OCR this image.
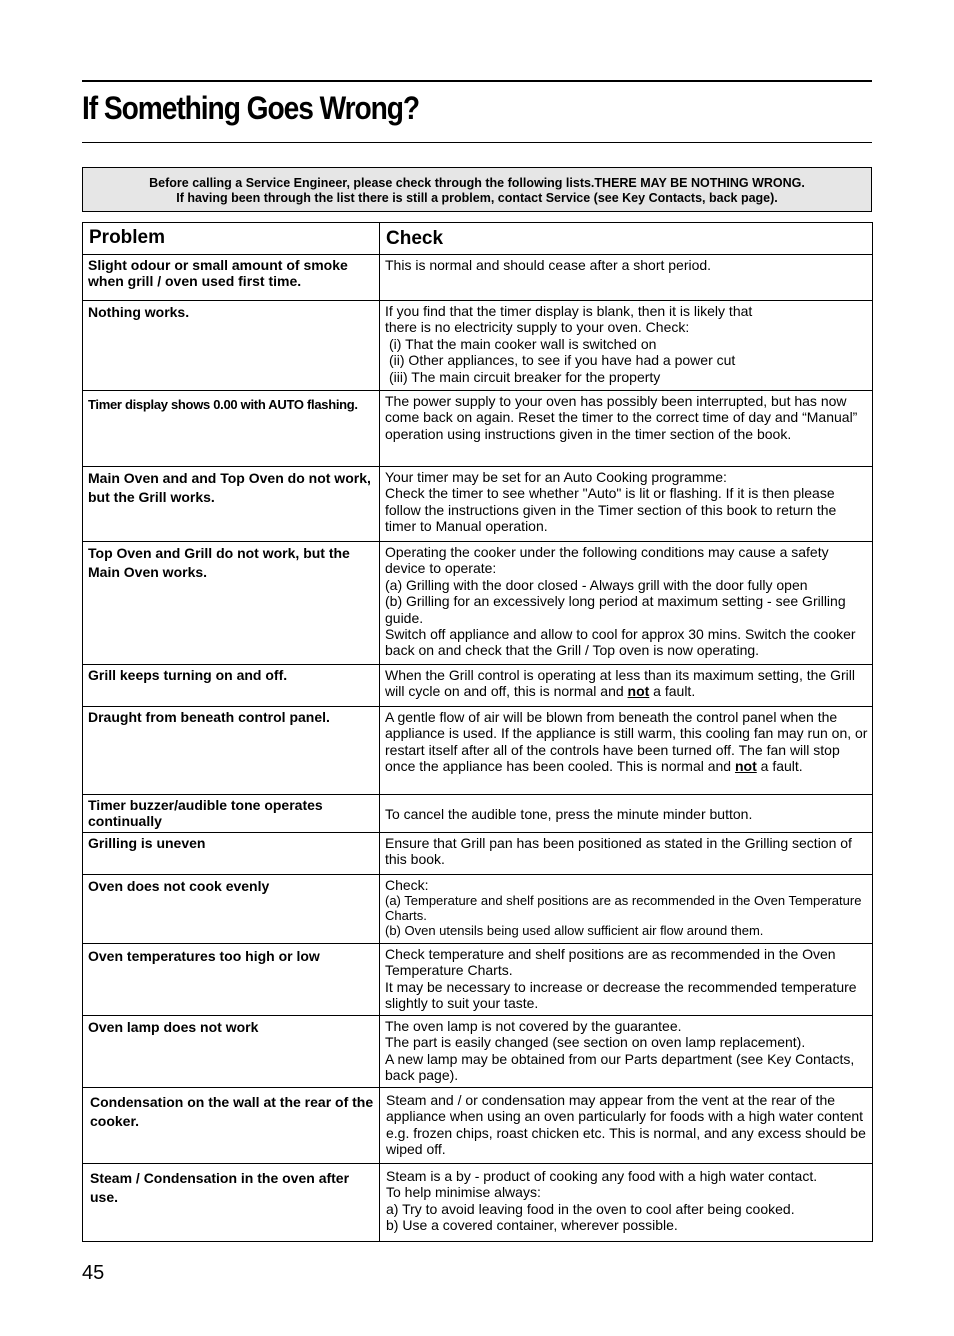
If Something Goes Wrong?
Before calling a Service Engineer, please check through the following lists.THERE MAY BE NOTHING WRONG.
If having been through the list there is still a problem, contact Service (see Key Contacts, back page).
Problem	Check
Slight odour or small amount of smoke when grill / oven used first time.	This is normal and should cease after a short period.

Nothing works.	If you find that the timer display is blank, then it is likely that
there is no electricity supply to your oven. Check:
(i) That the main cooker wall is switched on
(ii) Other appliances, to see if you have had a power cut
(iii) The main circuit breaker for the property

Timer display shows 0.00 with AUTO flashing.	The power supply to your oven has possibly been interrupted, but has now come back on again. Reset the timer to the correct time of day and “Manual” operation using instructions given in the timer section of the book.

Main Oven and and Top Oven do not work, but the Grill works.	Your timer may be set for an Auto Cooking programme:
Check the timer to see whether "Auto" is lit or flashing. If it is then please follow the instructions given in the Timer section of this book to return the timer to Manual operation.

Top Oven and Grill do not work, but the Main Oven works.	Operating the cooker under the following conditions may cause a safety device to operate:
(a) Grilling with the door closed - Always grill with the door fully open
(b) Grilling for an excessively long period at maximum setting - see Grilling guide.
Switch off appliance and allow to cool for approx 30 mins. Switch the cooker back on and check that the Grill / Top oven is now operating.

Grill keeps turning on and off.	When the Grill control is operating at less than its maximum setting, the Grill will cycle on and off, this is normal and not a fault.
Draught from beneath control panel.	A gentle flow of air will be blown from beneath the control panel when the appliance is used. If the appliance is still warm, this cooling fan may run on, or restart itself after all of the controls have been turned off. The fan will stop once the appliance has been cooled. This is normal and not a fault.
Timer buzzer/audible tone operates continually	To cancel the audible tone, press the minute minder button.

Grilling is uneven	Ensure that Grill pan has been positioned as stated in the Grilling section of this book.

Oven does not cook evenly	Check:
(a) Temperature and shelf positions are as recommended in the Oven Temperature Charts.
(b) Oven utensils being used allow sufficient air flow around them.

Oven temperatures too high or low	Check temperature and shelf positions are as recommended in the Oven Temperature Charts.
It may be necessary to increase or decrease the recommended temperature slightly to suit your taste.

Oven lamp does not work	The oven lamp is not covered by the guarantee.
The part is easily changed (see section on oven lamp replacement).
A new lamp may be obtained from our Parts department (see Key Contacts, back page).

Condensation on the wall at the rear of the cooker.	Steam and / or condensation may appear from the vent at the rear of the appliance when using an oven particularly for foods with a high water content e.g. frozen chips, roast chicken etc. This is normal, and any excess should be wiped off.

Steam / Condensation in the oven after use.	Steam is a by - product of cooking any food with a high water contact.
To help minimise always:
a) Try to avoid leaving food in the oven to cool after being cooked.
b) Use a covered container, wherever possible.
45
